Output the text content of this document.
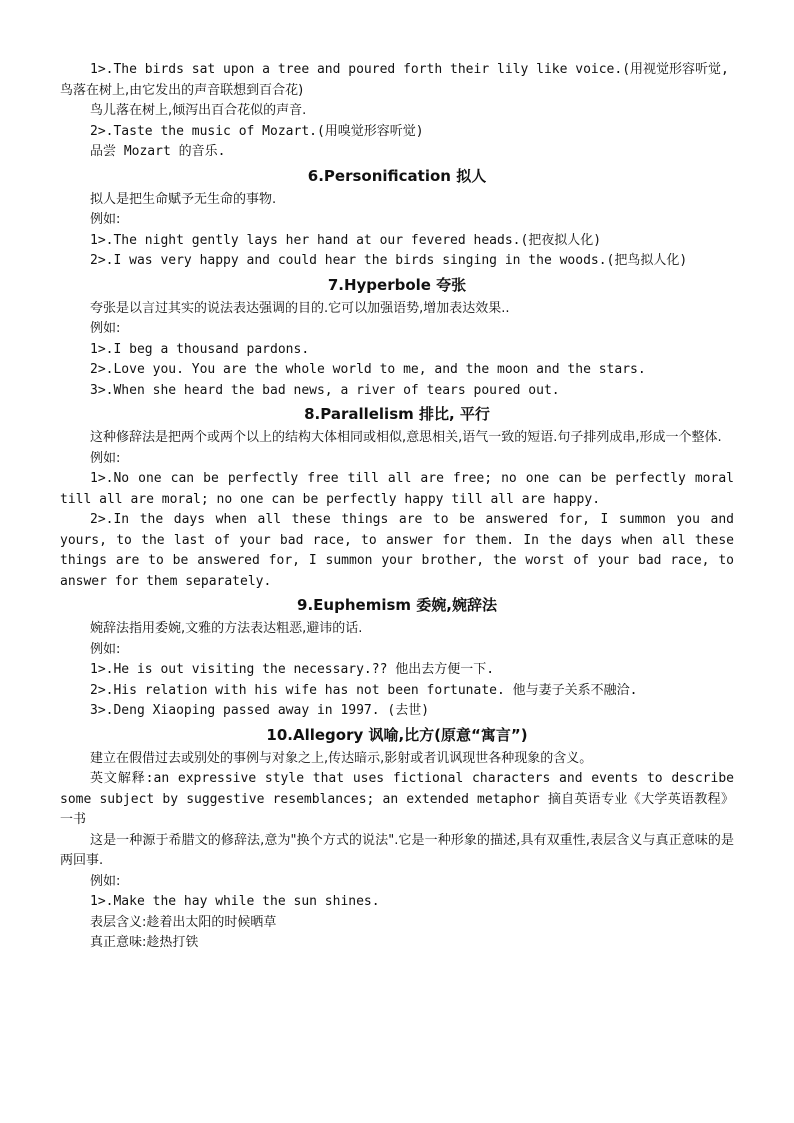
1>.The birds sat upon a tree and poured forth their lily like voice.(用视觉形容听觉,
鸟落在树上,由它发出的声音联想到百合花)
鸟儿落在树上,倾泻出百合花似的声音.
2>.Taste the music of Mozart.(用嗅觉形容听觉)
品尝 Mozart 的音乐.
6.Personification 拟人
拟人是把生命赋予无生命的事物.
例如:
1>.The night gently lays her hand at our fevered heads.(把夜拟人化)
2>.I was very happy and could hear the birds singing in the woods.(把鸟拟人化)
7.Hyperbole 夸张
夸张是以言过其实的说法表达强调的目的.它可以加强语势,增加表达效果..
例如:
1>.I beg a thousand pardons.
2>.Love you. You are the whole world to me, and the moon and the stars.
3>.When she heard the bad news, a river of tears poured out.
8.Parallelism 排比, 平行

这种修辞法是把两个或两个以上的结构大体相同或相似,意思相关,语气一致的短语.句子排列成串,形成一个整体.

例如:

1>.No one can be perfectly free till all are free; no one can be perfectly moral till all are moral; no one can be perfectly happy till all are happy.

2>.In the days when all these things are to be answered for, I summon you and yours, to the last of your bad race, to answer for them. In the days when all these things are to be answered for, I summon your brother, the worst of your bad race, to answer for them separately.

9.Euphemism 委婉,婉辞法
婉辞法指用委婉,文雅的方法表达粗恶,避讳的话.
例如:
1>.He is out visiting the necessary.?? 他出去方便一下.
2>.His relation with his wife has not been fortunate. 他与妻子关系不融洽.
3>.Deng Xiaoping passed away in 1997. (去世)
10.Allegory 讽喻,比方(原意“寓言”)

建立在假借过去或别处的事例与对象之上,传达暗示,影射或者讥讽现世各种现象的含义。

英文解释:an expressive style that uses fictional characters and events to describe some subject by suggestive resemblances; an extended metaphor 摘自英语专业《大学英语教程》一书

这是一种源于希腊文的修辞法,意为"换个方式的说法".它是一种形象的描述,具有双重性,表层含义与真正意味的是两回事.

例如:
1>.Make the hay while the sun shines.
表层含义:趁着出太阳的时候晒草
真正意味:趁热打铁
